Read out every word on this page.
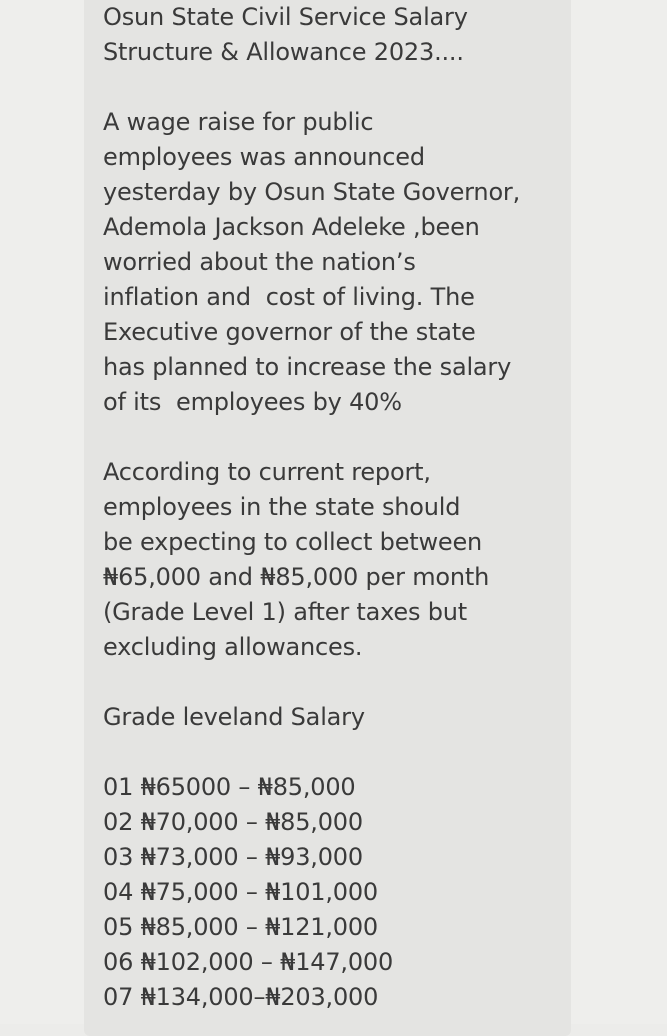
Osun State Civil Service Salary
Structure & Allowance 2023....
A wage raise for public
employees was announced
yesterday by Osun State Governor,
Ademola Jackson Adeleke ,been
worried about the nation’s
inflation and  cost of living. The
Executive governor of the state
has planned to increase the salary
of its  employees by 40%
According to current report,
employees in the state should
be expecting to collect between
₦65,000 and ₦85,000 per month
(Grade Level 1) after taxes but
excluding allowances.
Grade leveland Salary
01 ₦65000 – ₦85,000
02 ₦70,000 – ₦85,000
03 ₦73,000 – ₦93,000
04 ₦75,000 – ₦101,000
05 ₦85,000 – ₦121,000
06 ₦102,000 – ₦147,000
07 ₦134,000–₦203,000
